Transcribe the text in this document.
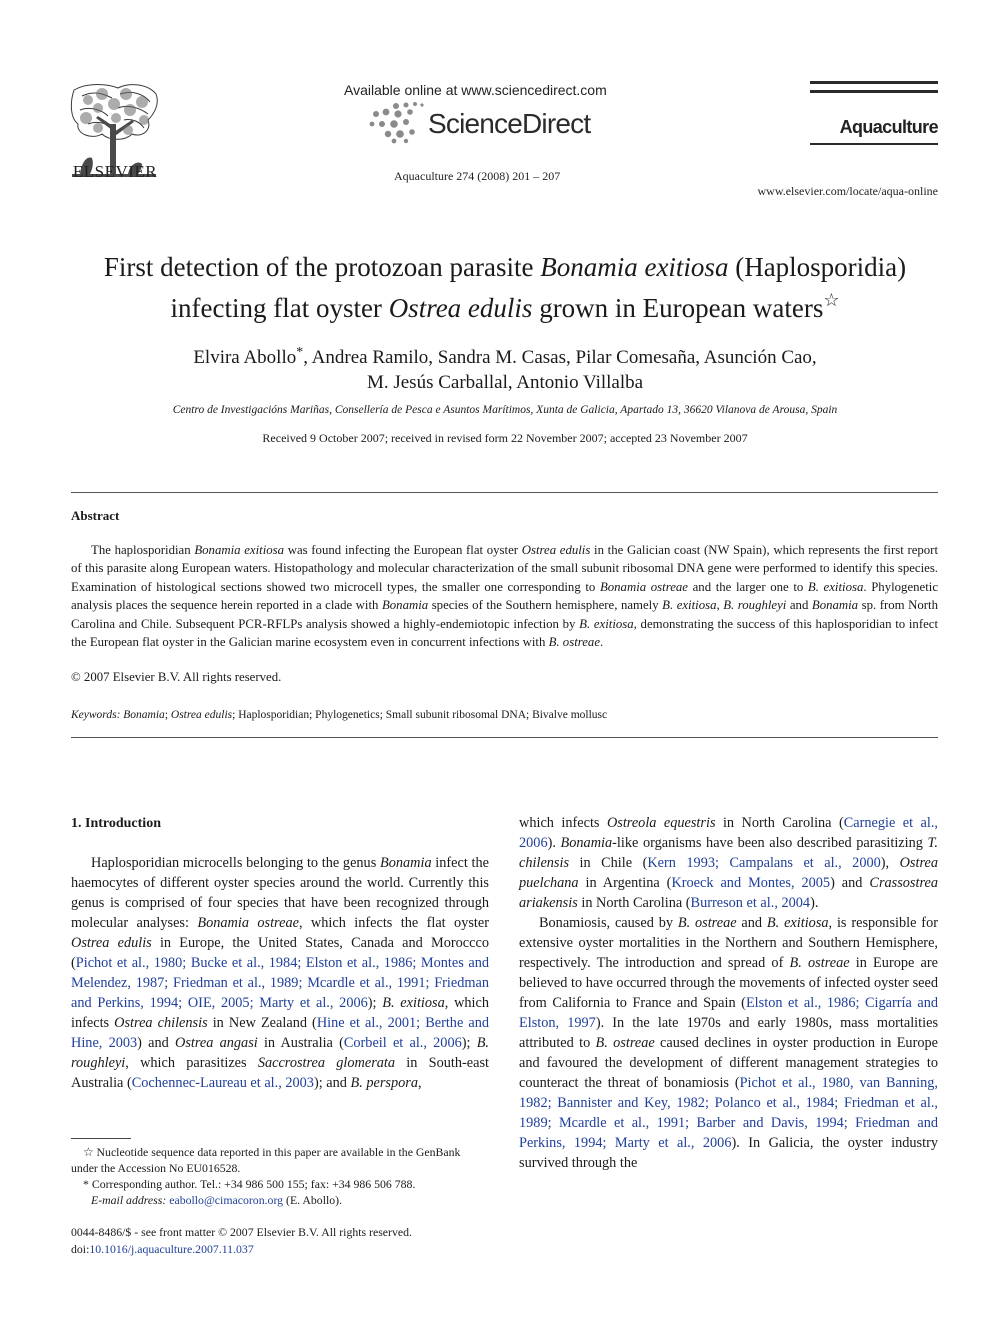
ELSEVIER
Available online at www.sciencedirect.com
ScienceDirect
Aquaculture 274 (2008) 201 – 207
Aquaculture
www.elsevier.com/locate/aqua-online
First detection of the protozoan parasite Bonamia exitiosa (Haplosporidia)
infecting flat oyster Ostrea edulis grown in European waters☆
Elvira Abollo*, Andrea Ramilo, Sandra M. Casas, Pilar Comesaña, Asunción Cao,
M. Jesús Carballal, Antonio Villalba
Centro de Investigacións Mariñas, Consellería de Pesca e Asuntos Marítimos, Xunta de Galicia, Apartado 13, 36620 Vilanova de Arousa, Spain
Received 9 October 2007; received in revised form 22 November 2007; accepted 23 November 2007
Abstract
The haplosporidian Bonamia exitiosa was found infecting the European flat oyster Ostrea edulis in the Galician coast (NW Spain), which represents the first report of this parasite along European waters. Histopathology and molecular characterization of the small subunit ribosomal DNA gene were performed to identify this species. Examination of histological sections showed two microcell types, the smaller one corresponding to Bonamia ostreae and the larger one to B. exitiosa. Phylogenetic analysis places the sequence herein reported in a clade with Bonamia species of the Southern hemisphere, namely B. exitiosa, B. roughleyi and Bonamia sp. from North Carolina and Chile. Subsequent PCR-RFLPs analysis showed a highly-endemiotopic infection by B. exitiosa, demonstrating the success of this haplosporidian to infect the European flat oyster in the Galician marine ecosystem even in concurrent infections with B. ostreae.
© 2007 Elsevier B.V. All rights reserved.
Keywords: Bonamia; Ostrea edulis; Haplosporidian; Phylogenetics; Small subunit ribosomal DNA; Bivalve mollusc
1. Introduction

Haplosporidian microcells belonging to the genus Bonamia infect the haemocytes of different oyster species around the world. Currently this genus is comprised of four species that have been recognized through molecular analyses: Bonamia ostreae, which infects the flat oyster Ostrea edulis in Europe, the United States, Canada and Moroccco (Pichot et al., 1980; Bucke et al., 1984; Elston et al., 1986; Montes and Melendez, 1987; Friedman et al., 1989; Mcardle et al., 1991; Friedman and Perkins, 1994; OIE, 2005; Marty et al., 2006); B. exitiosa, which infects Ostrea chilensis in New Zealand (Hine et al., 2001; Berthe and Hine, 2003) and Ostrea angasi in Australia (Corbeil et al., 2006); B. roughleyi, which parasitizes Saccrostrea glomerata in South-east Australia (Cochennec-Laureau et al., 2003); and B. perspora,

which infects Ostreola equestris in North Carolina (Carnegie et al., 2006). Bonamia-like organisms have been also described parasitizing T. chilensis in Chile (Kern 1993; Campalans et al., 2000), Ostrea puelchana in Argentina (Kroeck and Montes, 2005) and Crassostrea ariakensis in North Carolina (Burreson et al., 2004).

Bonamiosis, caused by B. ostreae and B. exitiosa, is responsible for extensive oyster mortalities in the Northern and Southern Hemisphere, respectively. The introduction and spread of B. ostreae in Europe are believed to have occurred through the movements of infected oyster seed from California to France and Spain (Elston et al., 1986; Cigarría and Elston, 1997). In the late 1970s and early 1980s, mass mortalities attributed to B. ostreae caused declines in oyster production in Europe and favoured the development of different management strategies to counteract the threat of bonamiosis (Pichot et al., 1980, van Banning, 1982; Bannister and Key, 1982; Polanco et al., 1984; Friedman et al., 1989; Mcardle et al., 1991; Barber and Davis, 1994; Friedman and Perkins, 1994; Marty et al., 2006). In Galicia, the oyster industry survived through the

☆ Nucleotide sequence data reported in this paper are available in the GenBank under the Accession No EU016528.
* Corresponding author. Tel.: +34 986 500 155; fax: +34 986 506 788.
E-mail address: eabollo@cimacoron.org (E. Abollo).
0044-8486/$ - see front matter © 2007 Elsevier B.V. All rights reserved.
doi:10.1016/j.aquaculture.2007.11.037
